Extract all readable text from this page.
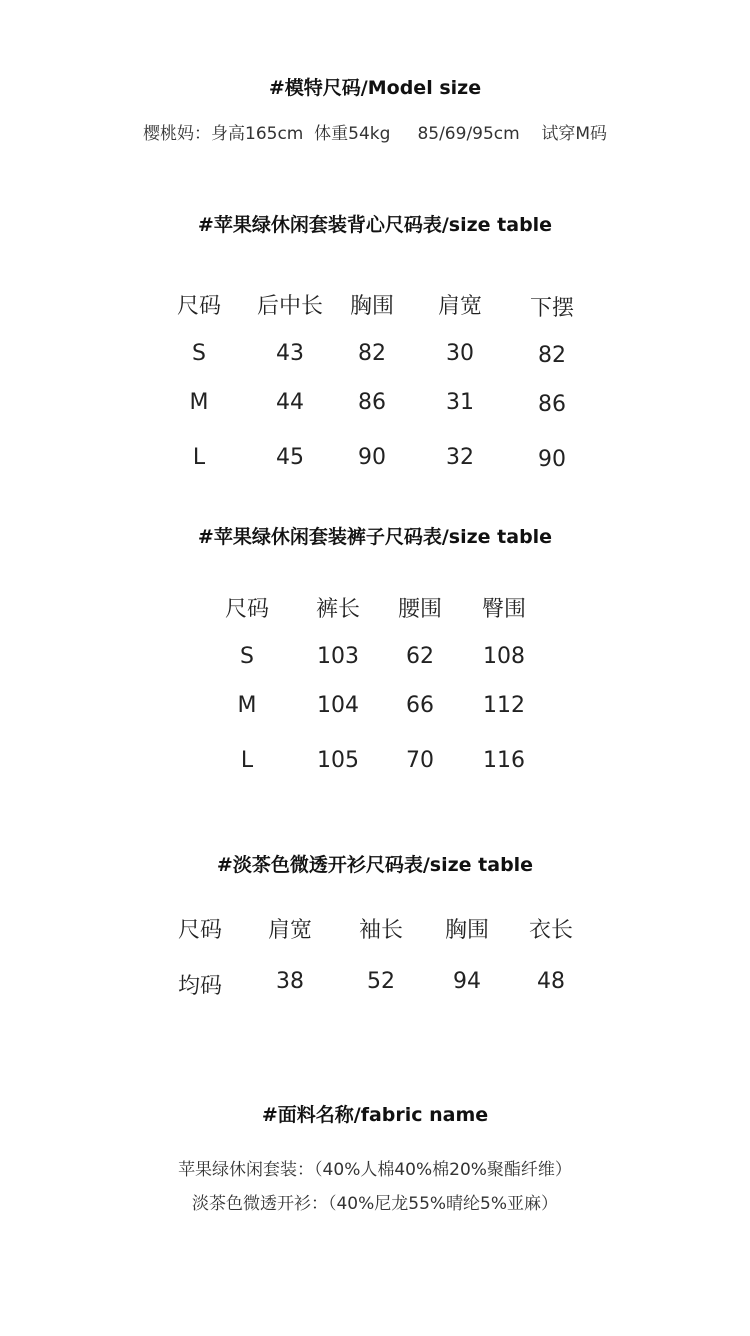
#模特尺码/Model size
樱桃妈：身高165cm  体重54kg     85/69/95cm    试穿M码
#苹果绿休闲套装背心尺码表/size table
尺码 后中长 胸围 肩宽 下摆
S	43 82	30	82
M	44 86	31	86
L	45 90	32	90
#苹果绿休闲套装裤子尺码表/size table
尺码 裤长 腰围 臀围
S	103 62 108
M	104 66 112
L	105 70 116
#淡茶色微透开衫尺码表/size table
尺码 肩宽 袖长 胸围 衣长
均码 38	52	94	48
#面料名称/fabric name
苹果绿休闲套装：（40%人棉40%棉20%聚酯纤维）
淡茶色微透开衫：（40%尼龙55%晴纶5%亚麻）
